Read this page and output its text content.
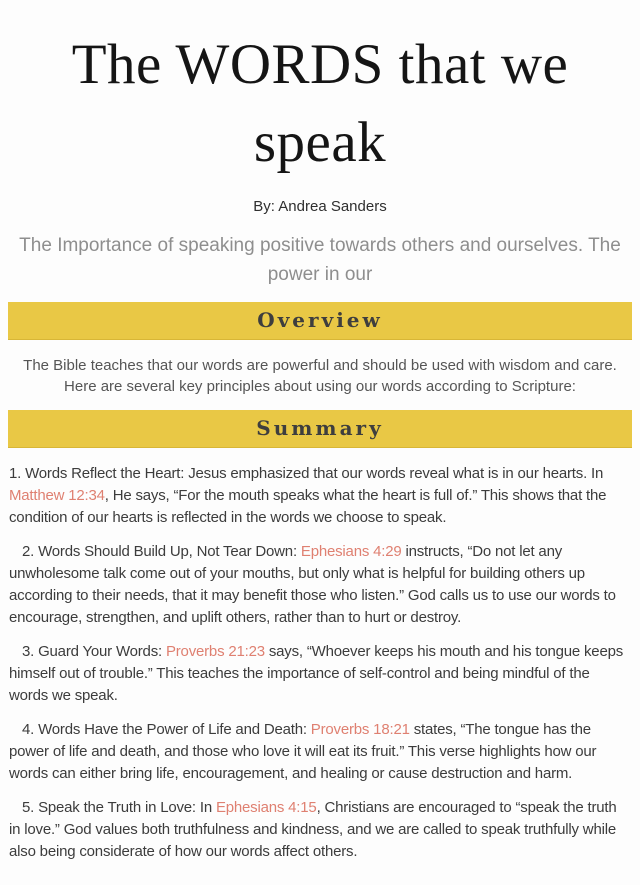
The WORDS that we speak
By: Andrea Sanders
The Importance of speaking positive towards others and ourselves. The power in our
Overview
The Bible teaches that our words are powerful and should be used with wisdom and care. Here are several key principles about using our words according to Scripture:
Summary

1. Words Reflect the Heart: Jesus emphasized that our words reveal what is in our hearts. In Matthew 12:34, He says, “For the mouth speaks what the heart is full of.” This shows that the condition of our hearts is reflected in the words we choose to speak.

2. Words Should Build Up, Not Tear Down: Ephesians 4:29 instructs, “Do not let any unwholesome talk come out of your mouths, but only what is helpful for building others up according to their needs, that it may benefit those who listen.” God calls us to use our words to encourage, strengthen, and uplift others, rather than to hurt or destroy.

3. Guard Your Words: Proverbs 21:23 says, “Whoever keeps his mouth and his tongue keeps himself out of trouble.” This teaches the importance of self-control and being mindful of the words we speak.

4. Words Have the Power of Life and Death: Proverbs 18:21 states, “The tongue has the power of life and death, and those who love it will eat its fruit.” This verse highlights how our words can either bring life, encouragement, and healing or cause destruction and harm.

5. Speak the Truth in Love: In Ephesians 4:15, Christians are encouraged to “speak the truth in love.” God values both truthfulness and kindness, and we are called to speak truthfully while also being considerate of how our words affect others.
